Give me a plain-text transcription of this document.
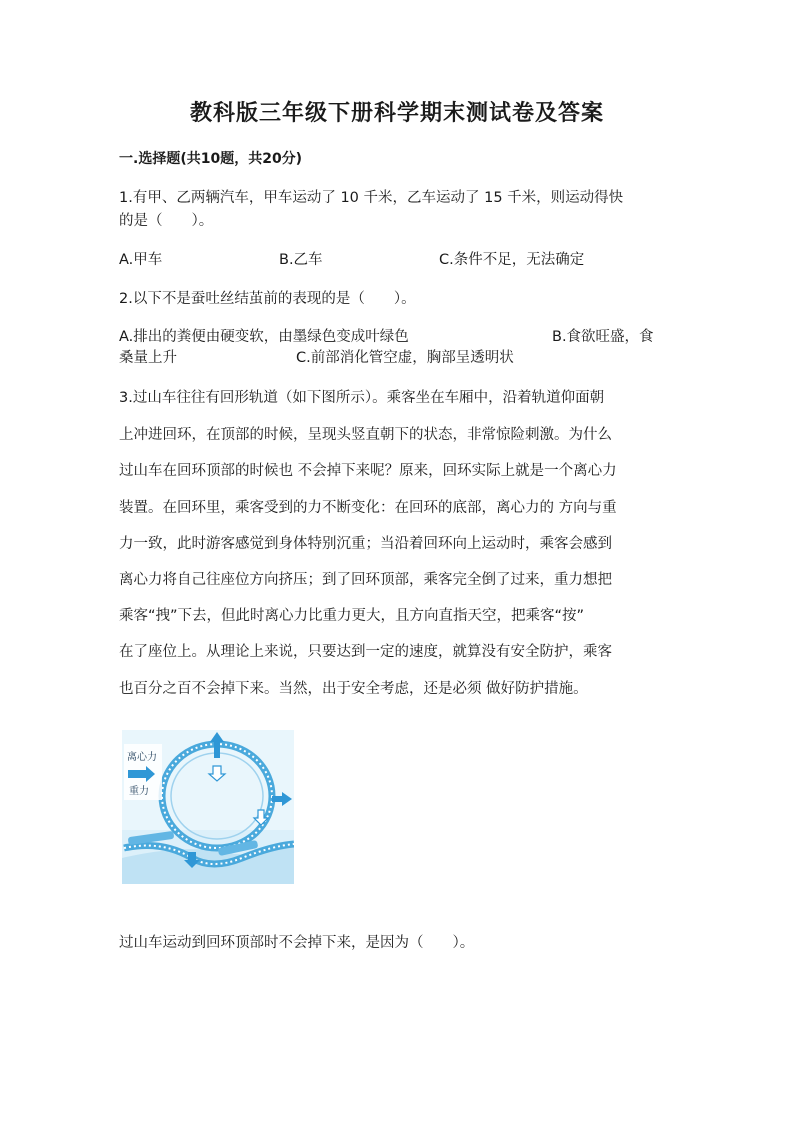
教科版三年级下册科学期末测试卷及答案
一.选择题(共10题，共20分)
1.有甲、乙两辆汽车，甲车运动了 10 千米，乙车运动了 15 千米，则运动得快
的是（　　）。
A.甲车	B.乙车	C.条件不足，无法确定
2.以下不是蚕吐丝结茧前的表现的是（　　）。
A.排出的粪便由硬变软，由墨绿色变成叶绿色	B.食欲旺盛，食
桑量上升	C.前部消化管空虚，胸部呈透明状

3.过山车往往有回形轨道（如下图所示）。乘客坐在车厢中，沿着轨道仰面朝

上冲进回环，在顶部的时候，呈现头竖直朝下的状态，非常惊险刺激。为什么

过山车在回环顶部的时候也 不会掉下来呢？原来，回环实际上就是一个离心力

装置。在回环里，乘客受到的力不断变化：在回环的底部，离心力的 方向与重

力一致，此时游客感觉到身体特别沉重；当沿着回环向上运动时，乘客会感到

离心力将自己往座位方向挤压；到了回环顶部，乘客完全倒了过来，重力想把

乘客“拽”下去，但此时离心力比重力更大，且方向直指天空，把乘客“按”

在了座位上。从理论上来说，只要达到一定的速度，就算没有安全防护，乘客

也百分之百不会掉下来。当然，出于安全考虑，还是必须 做好防护措施。

离心力
重力
过山车运动到回环顶部时不会掉下来，是因为（　　）。
